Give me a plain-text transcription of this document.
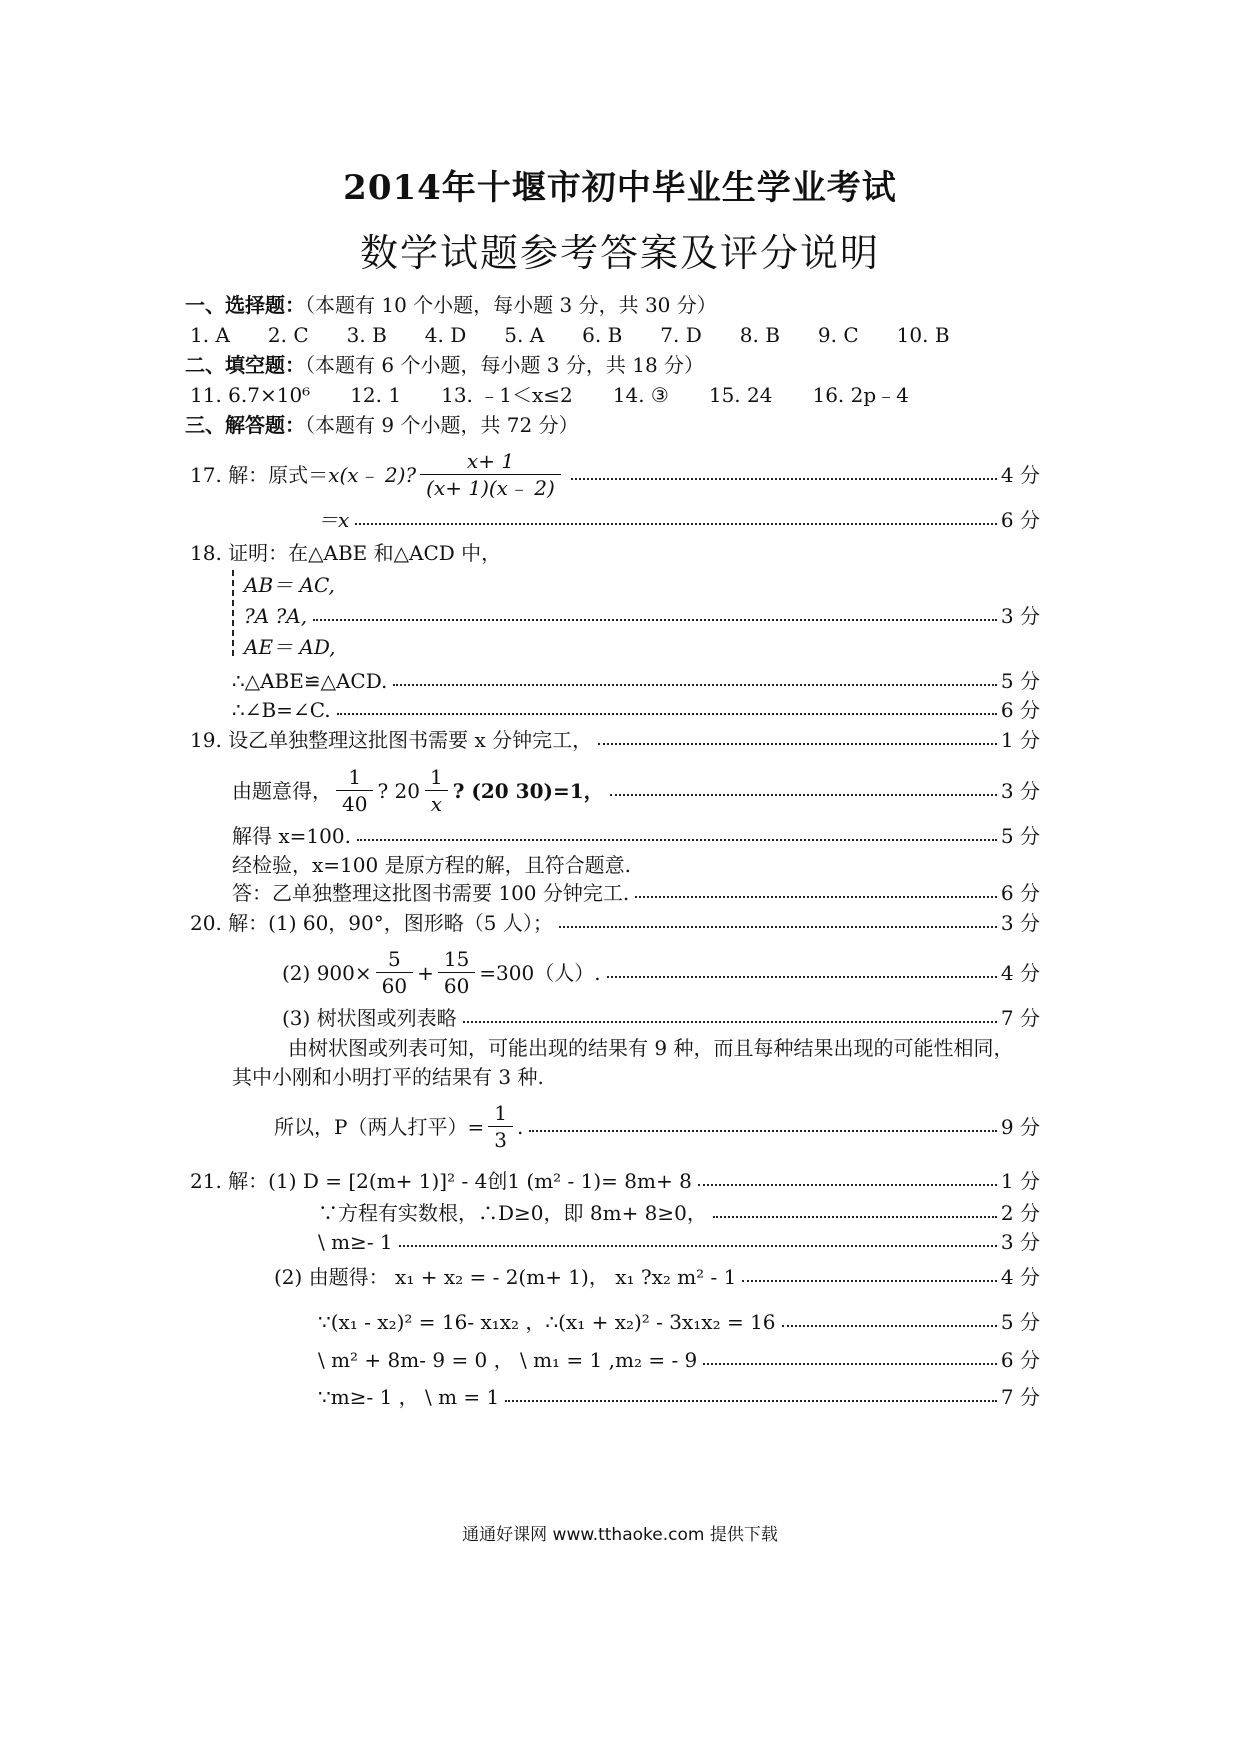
2014年十堰市初中毕业生学业考试
数学试题参考答案及评分说明
一、选择题：（本题有 10 个小题，每小题 3 分，共 30 分）
1. A 2. C 3. B 4. D 5. A 6. B 7. D 8. B 9. C 10. B
二、填空题：（本题有 6 个小题，每小题 3 分，共 18 分）
11. 6.7×10⁶ 12. 1 13. ﹣1＜x≤2 14. ③ 15. 24 16. 2p﹣4
三、解答题：（本题有 9 个小题，共 72 分）
17. 解：原式＝ x(x﹣ 2)? $\frac{x+ 1}{(x+ 1)(x﹣ 2)}$	4 分
＝x	6 分
18. 证明：在△ABE 和△ACD 中，
AB＝ AC,
?A ?A,	3 分
AE＝ AD,
∴△ABE≌△ACD.	5 分
∴∠B=∠C.	6 分
19. 设乙单独整理这批图书需要 x 分钟完工，	1 分
由题意得， $\frac{1}{40}$ ? $20 \frac{1}{x}$ ? (20 30)=1，	3 分
解得 x=100.	5 分
经检验，x=100 是原方程的解，且符合题意.
答：乙单独整理这批图书需要 100 分钟完工.	6 分
20. 解：(1) 60，90°，图形略（5 人）；	3 分
(2) $900\times \frac{5}{60} + \frac{15}{60} =300$（人）.	4 分
(3) 树状图或列表略	7 分
由树状图或列表可知，可能出现的结果有 9 种，而且每种结果出现的可能性相同，
其中小刚和小明打平的结果有 3 种.
所以，P（两人打平）= $\frac{1}{3}$ .	9 分
21. 解：(1) D = [2(m+ 1)]² - 4创1 (m² - 1)= 8m+ 8	1 分
∵方程有实数根，∴D≥0，即 8m+ 8≥0，	2 分
\ m≥- 1	3 分
(2) 由题得： x₁ + x₂ = - 2(m+ 1)， x₁ ?x₂ m² - 1	4 分
∵(x₁ - x₂)² = 16- x₁x₂ ，∴(x₁ + x₂)² - 3x₁x₂ = 16	5 分
\ m² + 8m- 9 = 0 ， \ m₁ = 1 ,m₂ = - 9	6 分
∵m≥- 1 ， \ m = 1	7 分
通通好课网 www.tthaoke.com 提供下载
